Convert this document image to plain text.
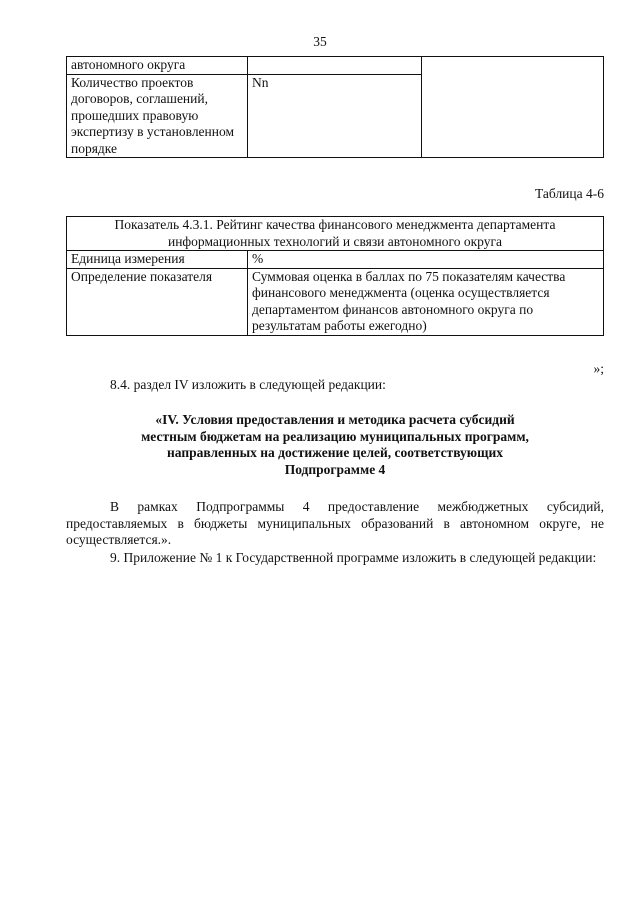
35
автономного округа		
Количество проектов договоров, соглашений, прошедших правовую экспертизу в установленном порядке	Nn	
Таблица 4-6
Показатель 4.3.1. Рейтинг качества финансового менеджмента департамента информационных технологий и связи автономного округа	
Единица измерения	%
Определение показателя	Суммовая оценка в баллах по 75 показателям качества финансового менеджмента (оценка осуществляется департаментом финансов автономного округа по результатам работы ежегодно)
»;
8.4. раздел IV изложить в следующей редакции:
«IV. Условия предоставления и методика расчета субсидий
местным бюджетам на реализацию муниципальных программ,
направленных на достижение целей, соответствующих
Подпрограмме 4
В рамках Подпрограммы 4 предоставление межбюджетных субсидий, предоставляемых в бюджеты муниципальных образований в автономном округе, не осуществляется.».
9. Приложение № 1 к Государственной программе изложить в следующей редакции:
